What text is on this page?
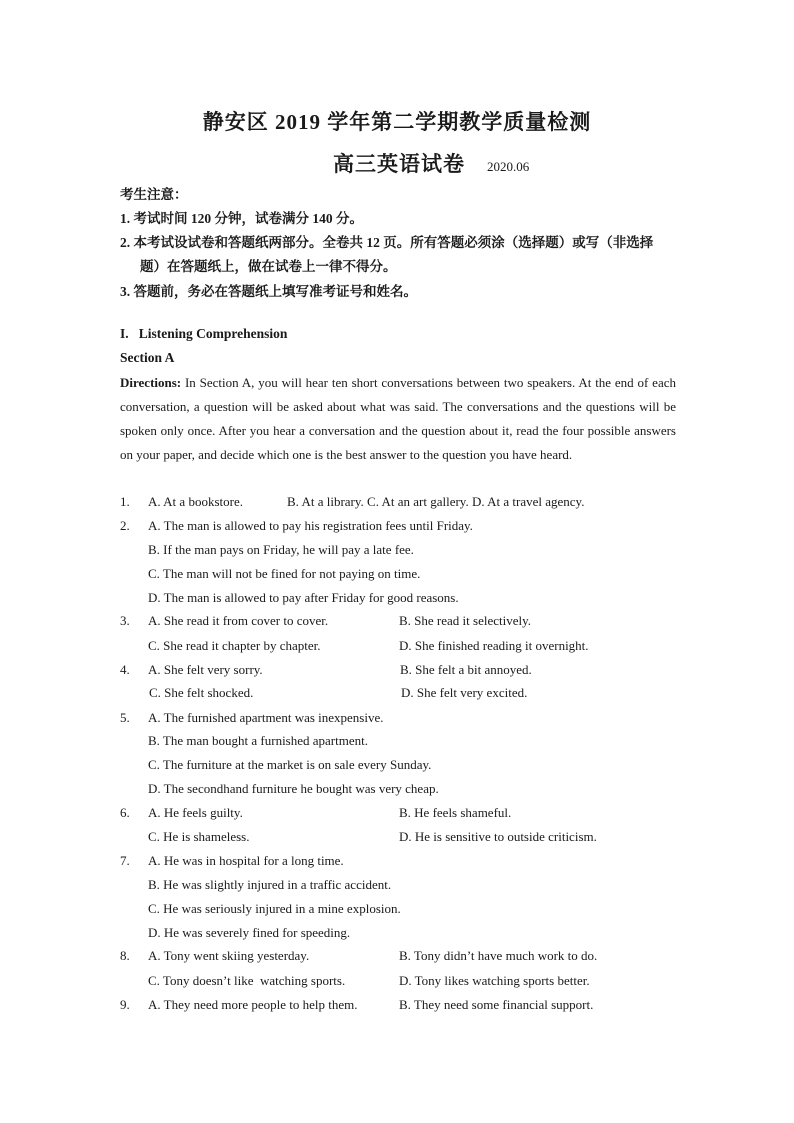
静安区 2019 学年第二学期教学质量检测
高三英语试卷 2020.06
考生注意：
1. 考试时间 120 分钟，试卷满分 140 分。
2. 本考试设试卷和答题纸两部分。全卷共 12 页。所有答题必须涂（选择题）或写（非选择
题）在答题纸上，做在试卷上一律不得分。
3. 答题前，务必在答题纸上填写准考证号和姓名。
I.   Listening Comprehension
Section A
Directions: In Section A, you will hear ten short conversations between two speakers. At the end of each conversation, a question will be asked about what was said. The conversations and the questions will be spoken only once. After you hear a conversation and the question about it, read the four possible answers on your paper, and decide which one is the best answer to the question you have heard.
1. A. At a bookstore.	B. At a library. C. At an art gallery. D. At a travel agency.
2. A. The man is allowed to pay his registration fees until Friday.
B. If the man pays on Friday, he will pay a late fee.
C. The man will not be fined for not paying on time.
D. The man is allowed to pay after Friday for good reasons.
3. A. She read it from cover to cover.	B. She read it selectively.
C. She read it chapter by chapter.	D. She finished reading it overnight.
4. A. She felt very sorry.	B. She felt a bit annoyed.
C. She felt shocked.	D. She felt very excited.
5. A. The furnished apartment was inexpensive.
B. The man bought a furnished apartment.
C. The furniture at the market is on sale every Sunday.
D. The secondhand furniture he bought was very cheap.
6. A. He feels guilty.	B. He feels shameful.
C. He is shameless.	D. He is sensitive to outside criticism.
7. A. He was in hospital for a long time.
B. He was slightly injured in a traffic accident.
C. He was seriously injured in a mine explosion.
D. He was severely fined for speeding.
8. A. Tony went skiing yesterday.	B. Tony didn’t have much work to do.
C. Tony doesn’t like  watching sports.	D. Tony likes watching sports better.
9. A. They need more people to help them.	B. They need some financial support.
